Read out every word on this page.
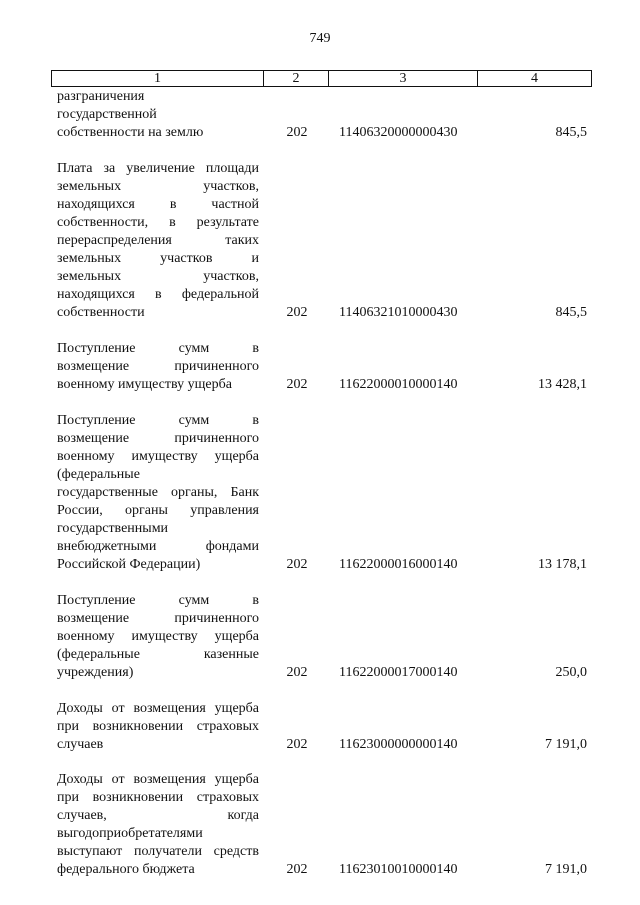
749
1	2	3	4
разграничения
государственной
собственности на землю	202 11406320000000430	845,5
Плата за увеличение площади
земельных участков,
находящихся в частной
собственности, в результате
перераспределения таких
земельных участков и
земельных участков,
находящихся в федеральной
собственности	202 11406321010000430	845,5
Поступление сумм в
возмещение причиненного
военному имуществу ущерба	202 11622000010000140	13 428,1
Поступление сумм в
возмещение причиненного
военному имуществу ущерба
(федеральные
государственные органы, Банк
России, органы управления
государственными
внебюджетными фондами
Российской Федерации)	202 11622000016000140	13 178,1
Поступление сумм в
возмещение причиненного
военному имуществу ущерба
(федеральные казенные
учреждения)	202 11622000017000140	250,0
Доходы от возмещения ущерба
при возникновении страховых
случаев	202 11623000000000140	7 191,0
Доходы от возмещения ущерба
при возникновении страховых
случаев, когда
выгодоприобретателями
выступают получатели средств
федерального бюджета	202 11623010010000140	7 191,0
